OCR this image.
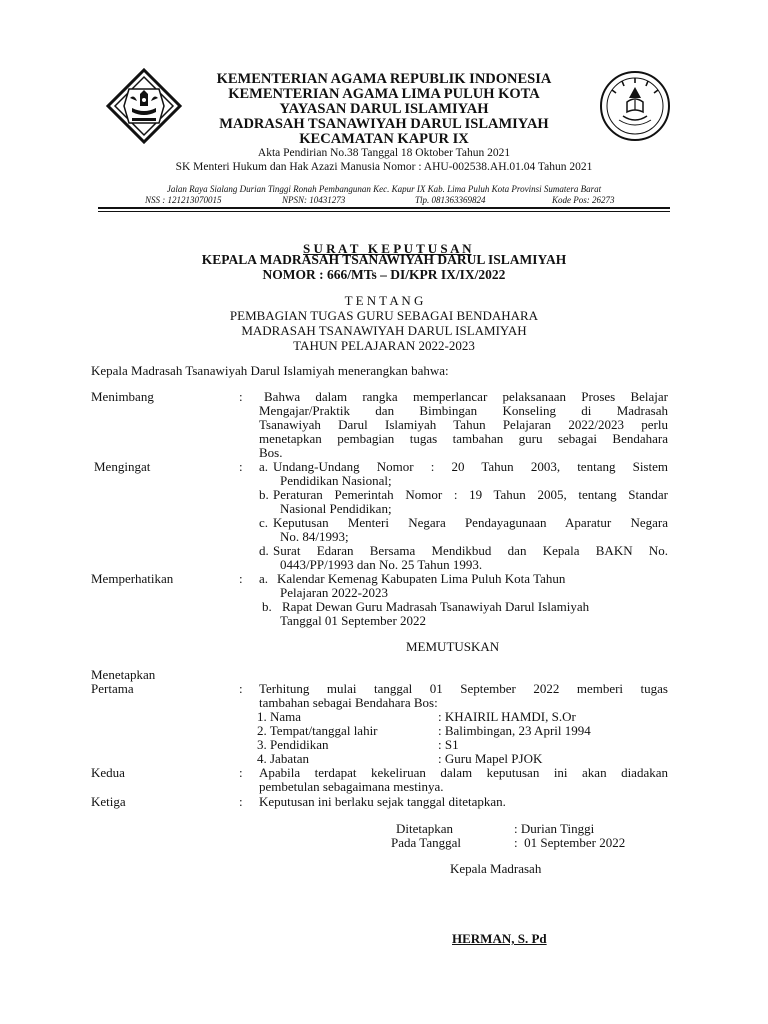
KEMENTERIAN AGAMA REPUBLIK INDONESIA
KEMENTERIAN AGAMA LIMA PULUH KOTA
YAYASAN DARUL ISLAMIYAH
MADRASAH TSANAWIYAH DARUL ISLAMIYAH
KECAMATAN KAPUR IX
Akta Pendirian No.38 Tanggal 18 Oktober Tahun 2021
SK Menteri Hukum dan Hak Azazi Manusia Nomor : AHU-002538.AH.01.04 Tahun 2021
Jalan Raya Sialang Durian Tinggi Ronah Pembangunan Kec. Kapur IX Kab. Lima Puluh Kota Provinsi Sumatera Barat
NSS : 121213070015	NPSN: 10431273	Tlp. 081363369824	Kode Pos: 26273

S U R A T   K E P U T U S A N

KEPALA MADRASAH TSANAWIYAH DARUL ISLAMIYAH
NOMOR : 666/MTs – DI/KPR IX/IX/2022
T E N T A N G
PEMBAGIAN TUGAS GURU SEBAGAI BENDAHARA
MADRASAH TSANAWIYAH DARUL ISLAMIYAH
TAHUN PELAJARAN 2022-2023
Kepala Madrasah Tsanawiyah Darul Islamiyah menerangkan bahwa:
Menimbang	:	Bahwa dalam rangka memperlancar pelaksanaan Proses Belajar
Mengajar/Praktik dan Bimbingan Konseling di Madrasah
Tsanawiyah Darul Islamiyah Tahun Pelajaran 2022/2023 perlu
menetapkan pembagian tugas tambahan guru sebagai Bendahara
Bos.
Mengingat	: a. Undang-Undang Nomor : 20 Tahun 2003, tentang Sistem
Pendidikan Nasional;
b. Peraturan Pemerintah Nomor : 19 Tahun 2005, tentang Standar
Nasional Pendidikan;
c. Keputusan Menteri Negara Pendayagunaan Aparatur Negara
No. 84/1993;
d. Surat Edaran Bersama Mendikbud dan Kepala BAKN No.
0443/PP/1993 dan No. 25 Tahun 1993.
Memperhatikan	: a. Kalendar Kemenag Kabupaten Lima Puluh Kota Tahun
Pelajaran 2022-2023
b. Rapat Dewan Guru Madrasah Tsanawiyah Darul Islamiyah
Tanggal 01 September 2022
MEMUTUSKAN
Menetapkan
Pertama	: Terhitung mulai tanggal 01 September 2022 memberi tugas
tambahan sebagai Bendahara Bos:
1. Nama	: KHAIRIL HAMDI, S.Or
2. Tempat/tanggal lahir	: Balimbingan, 23 April 1994
3. Pendidikan	: S1
4. Jabatan	: Guru Mapel PJOK
Kedua	: Apabila terdapat kekeliruan dalam keputusan ini akan diadakan
pembetulan sebagaimana mestinya.
Ketiga	: Keputusan ini berlaku sejak tanggal ditetapkan.
Ditetapkan	: Durian Tinggi
Pada Tanggal	:  01 September 2022
Kepala Madrasah
HERMAN, S. Pd
